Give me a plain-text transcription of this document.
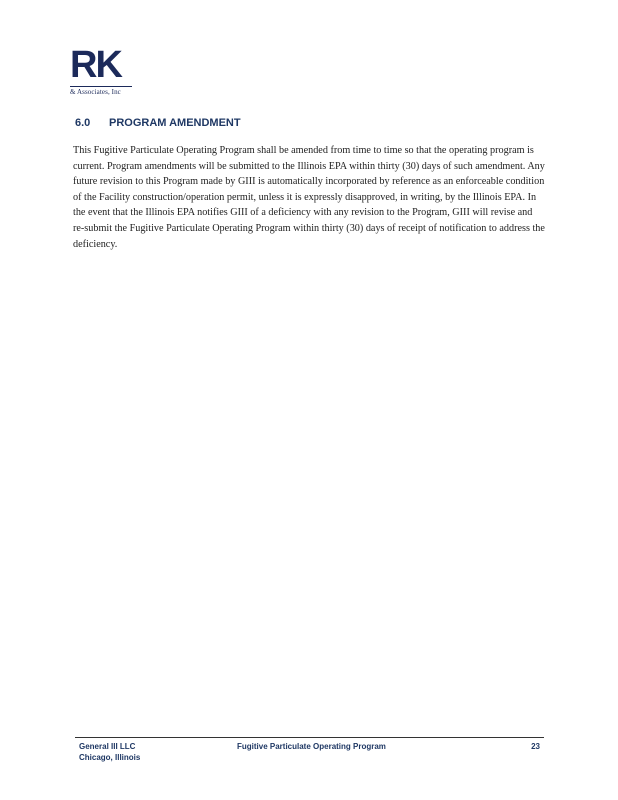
RK
& Associates, Inc
6.0 PROGRAM AMENDMENT
This Fugitive Particulate Operating Program shall be amended from time to time so that the operating program is current. Program amendments will be submitted to the Illinois EPA within thirty (30) days of such amendment. Any future revision to this Program made by GIII is automatically incorporated by reference as an enforceable condition of the Facility construction/operation permit, unless it is expressly disapproved, in writing, by the Illinois EPA. In the event that the Illinois EPA notifies GIII of a deficiency with any revision to the Program, GIII will revise and re-submit the Fugitive Particulate Operating Program within thirty (30) days of receipt of notification to address the deficiency.
General III LLC
Chicago, Illinois
Fugitive Particulate Operating Program	23
